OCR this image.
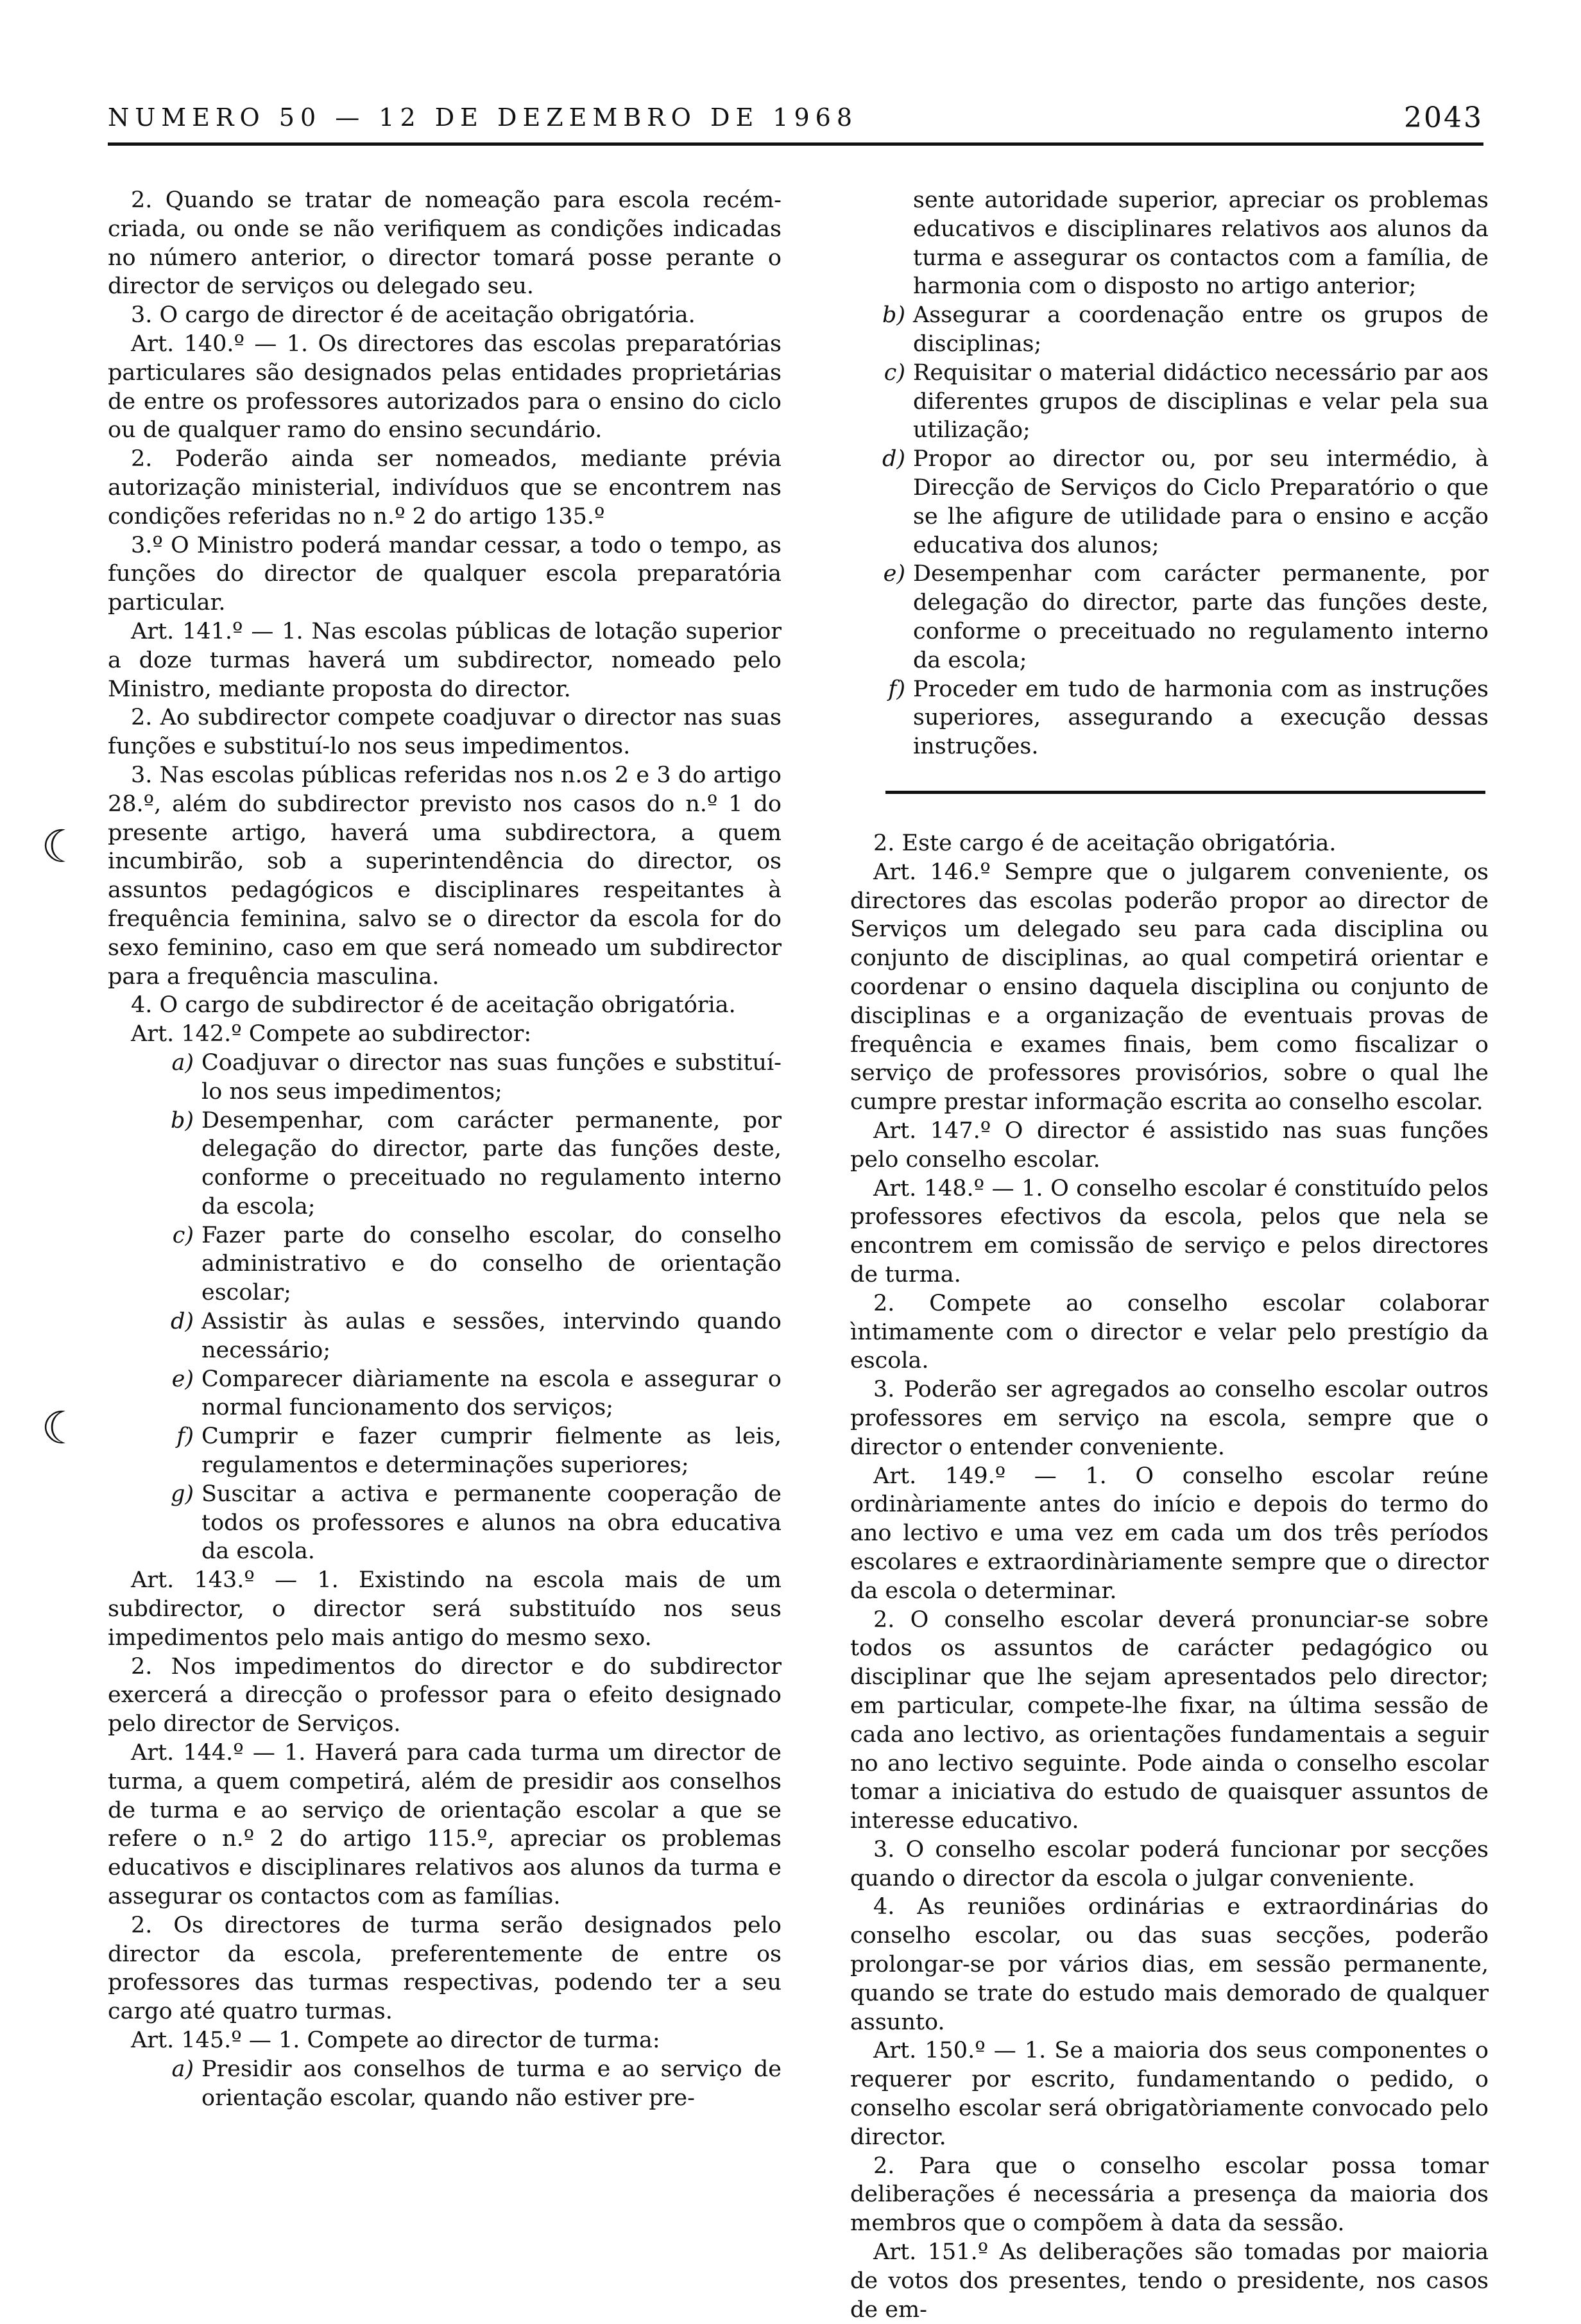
NUMERO 50 — 12 DE DEZEMBRO DE 1968	2043
☾
☾

2. Quando se tratar de nomeação para escola recém-criada, ou onde se não verifiquem as condições indicadas no número anterior, o director tomará posse perante o director de serviços ou delegado seu.

3. O cargo de director é de aceitação obrigatória.

Art. 140.º — 1. Os directores das escolas preparatórias particulares são designados pelas entidades proprietárias de entre os professores autorizados para o ensino do ciclo ou de qualquer ramo do ensino secundário.

2. Poderão ainda ser nomeados, mediante prévia autorização ministerial, indivíduos que se encontrem nas condições referidas no n.º 2 do artigo 135.º

3.º O Ministro poderá mandar cessar, a todo o tempo, as funções do director de qualquer escola preparatória particular.

Art. 141.º — 1. Nas escolas públicas de lotação superior a doze turmas haverá um subdirector, nomeado pelo Ministro, mediante proposta do director.

2. Ao subdirector compete coadjuvar o director nas suas funções e substituí-lo nos seus impedimentos.

3. Nas escolas públicas referidas nos n.os 2 e 3 do artigo 28.º, além do subdirector previsto nos casos do n.º 1 do presente artigo, haverá uma subdirectora, a quem incumbirão, sob a superintendência do director, os assuntos pedagógicos e disciplinares respeitantes à frequência feminina, salvo se o director da escola for do sexo feminino, caso em que será nomeado um subdirector para a frequência masculina.

4. O cargo de subdirector é de aceitação obrigatória.

Art. 142.º Compete ao subdirector:

a) Coadjuvar o director nas suas funções e substituí-lo nos seus impedimentos;
b) Desempenhar, com carácter permanente, por delegação do director, parte das funções deste, conforme o preceituado no regulamento interno da escola;
c) Fazer parte do conselho escolar, do conselho administrativo e do conselho de orientação escolar;
d) Assistir às aulas e sessões, intervindo quando necessário;
e) Comparecer diàriamente na escola e assegurar o normal funcionamento dos serviços;
f) Cumprir e fazer cumprir fielmente as leis, regulamentos e determinações superiores;
g) Suscitar a activa e permanente cooperação de todos os professores e alunos na obra educativa da escola.

Art. 143.º — 1. Existindo na escola mais de um subdirector, o director será substituído nos seus impedimentos pelo mais antigo do mesmo sexo.

2. Nos impedimentos do director e do subdirector exercerá a direcção o professor para o efeito designado pelo director de Serviços.

Art. 144.º — 1. Haverá para cada turma um director de turma, a quem competirá, além de presidir aos conselhos de turma e ao serviço de orientação escolar a que se refere o n.º 2 do artigo 115.º, apreciar os problemas educativos e disciplinares relativos aos alunos da turma e assegurar os contactos com as famílias.

2. Os directores de turma serão designados pelo director da escola, preferentemente de entre os professores das turmas respectivas, podendo ter a seu cargo até quatro turmas.

Art. 145.º — 1. Compete ao director de turma:

a) Presidir aos conselhos de turma e ao serviço de orientação escolar, quando não estiver pre-
sente autoridade superior, apreciar os problemas educativos e disciplinares relativos aos alunos da turma e assegurar os contactos com a família, de harmonia com o disposto no artigo anterior;
b) Assegurar a coordenação entre os grupos de disciplinas;
c) Requisitar o material didáctico necessário par aos diferentes grupos de disciplinas e velar pela sua utilização;
d) Propor ao director ou, por seu intermédio, à Direcção de Serviços do Ciclo Preparatório o que se lhe afigure de utilidade para o ensino e acção educativa dos alunos;
e) Desempenhar com carácter permanente, por delegação do director, parte das funções deste, conforme o preceituado no regulamento interno da escola;
f) Proceder em tudo de harmonia com as instruções superiores, assegurando a execução dessas instruções.

2. Este cargo é de aceitação obrigatória.

Art. 146.º Sempre que o julgarem conveniente, os directores das escolas poderão propor ao director de Serviços um delegado seu para cada disciplina ou conjunto de disciplinas, ao qual competirá orientar e coordenar o ensino daquela disciplina ou conjunto de disciplinas e a organização de eventuais provas de frequência e exames finais, bem como fiscalizar o serviço de professores provisórios, sobre o qual lhe cumpre prestar informação escrita ao conselho escolar.

Art. 147.º O director é assistido nas suas funções pelo conselho escolar.

Art. 148.º — 1. O conselho escolar é constituído pelos professores efectivos da escola, pelos que nela se encontrem em comissão de serviço e pelos directores de turma.

2. Compete ao conselho escolar colaborar ìntimamente com o director e velar pelo prestígio da escola.

3. Poderão ser agregados ao conselho escolar outros professores em serviço na escola, sempre que o director o entender conveniente.

Art. 149.º — 1. O conselho escolar reúne ordinàriamente antes do início e depois do termo do ano lectivo e uma vez em cada um dos três períodos escolares e extraordinàriamente sempre que o director da escola o determinar.

2. O conselho escolar deverá pronunciar-se sobre todos os assuntos de carácter pedagógico ou disciplinar que lhe sejam apresentados pelo director; em particular, compete-lhe fixar, na última sessão de cada ano lectivo, as orientações fundamentais a seguir no ano lectivo seguinte. Pode ainda o conselho escolar tomar a iniciativa do estudo de quaisquer assuntos de interesse educativo.

3. O conselho escolar poderá funcionar por secções quando o director da escola o julgar conveniente.

4. As reuniões ordinárias e extraordinárias do conselho escolar, ou das suas secções, poderão prolongar-se por vários dias, em sessão permanente, quando se trate do estudo mais demorado de qualquer assunto.

Art. 150.º — 1. Se a maioria dos seus componentes o requerer por escrito, fundamentando o pedido, o conselho escolar será obrigatòriamente convocado pelo director.

2. Para que o conselho escolar possa tomar deliberações é necessária a presença da maioria dos membros que o compõem à data da sessão.

Art. 151.º As deliberações são tomadas por maioria de votos dos presentes, tendo o presidente, nos casos de em-
